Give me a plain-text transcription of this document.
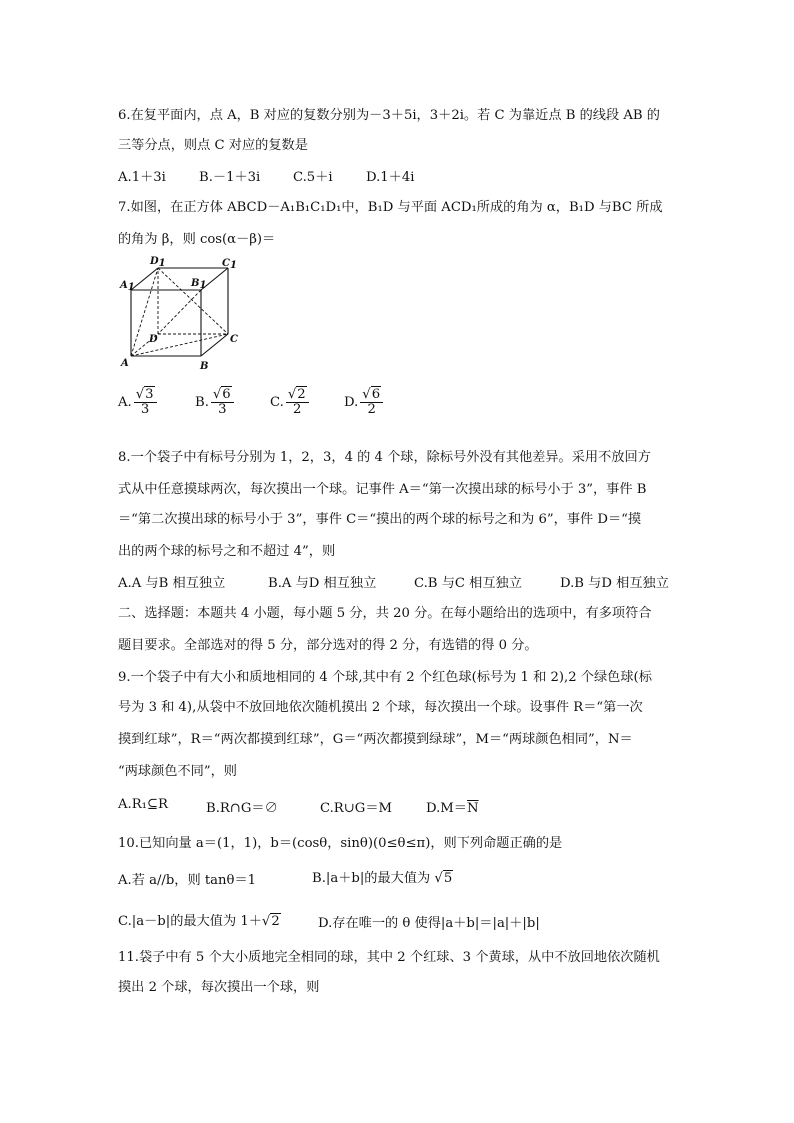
6.在复平面内，点 A，B 对应的复数分别为－3＋5i，3＋2i。若 C 为靠近点 B 的线段 AB 的
三等分点，则点 C 对应的复数是
A.1＋3i	B.－1＋3i C.5＋i	D.1＋4i
7.如图，在正方体 ABCD－A₁B₁C₁D₁中，B₁D 与平面 ACD₁所成的角为 α，B₁D 与BC 所成
的角为 β，则 cos(α－β)＝
D1	C1
A1	B1
D	C
A	B
A. $\frac{√3}{3}$	B. $\frac{√6}{3}$	C. $\frac{√2}{2}$	D. $\frac{√6}{2}$
8.一个袋子中有标号分别为 1，2，3，4 的 4 个球，除标号外没有其他差异。采用不放回方
式从中任意摸球两次，每次摸出一个球。记事件 A＝“第一次摸出球的标号小于 3”，事件 B
＝“第二次摸出球的标号小于 3”，事件 C＝“摸出的两个球的标号之和为 6”，事件 D＝“摸
出的两个球的标号之和不超过 4”，则
A.A 与B 相互独立	B.A 与D 相互独立	C.B 与C 相互独立	D.B 与D 相互独立
二、选择题：本题共 4 小题，每小题 5 分，共 20 分。在每小题给出的选项中，有多项符合
题目要求。全部选对的得 5 分，部分选对的得 2 分，有选错的得 0 分。
9.一个袋子中有大小和质地相同的 4 个球,其中有 2 个红色球(标号为 1 和 2),2 个绿色球(标
号为 3 和 4),从袋中不放回地依次随机摸出 2 个球，每次摸出一个球。设事件 R＝“第一次
摸到红球”，R＝“两次都摸到红球”，G＝“两次都摸到绿球”，M＝“两球颜色相同”，N＝
“两球颜色不同”，则
A.R₁⊆R	B.R∩G＝∅	C.R∪G＝M	$D.M=\overline{N}$
10.已知向量 a＝(1，1)，b＝(cosθ，sinθ)(0≤θ≤π)，则下列命题正确的是
A.若 a//b，则 tanθ＝1	B.|a＋b|的最大值为 √5
C.|a－b|的最大值为 1＋√2	D.存在唯一的 θ 使得|a＋b|＝|a|＋|b|
11.袋子中有 5 个大小质地完全相同的球，其中 2 个红球、3 个黄球，从中不放回地依次随机
摸出 2 个球，每次摸出一个球，则
